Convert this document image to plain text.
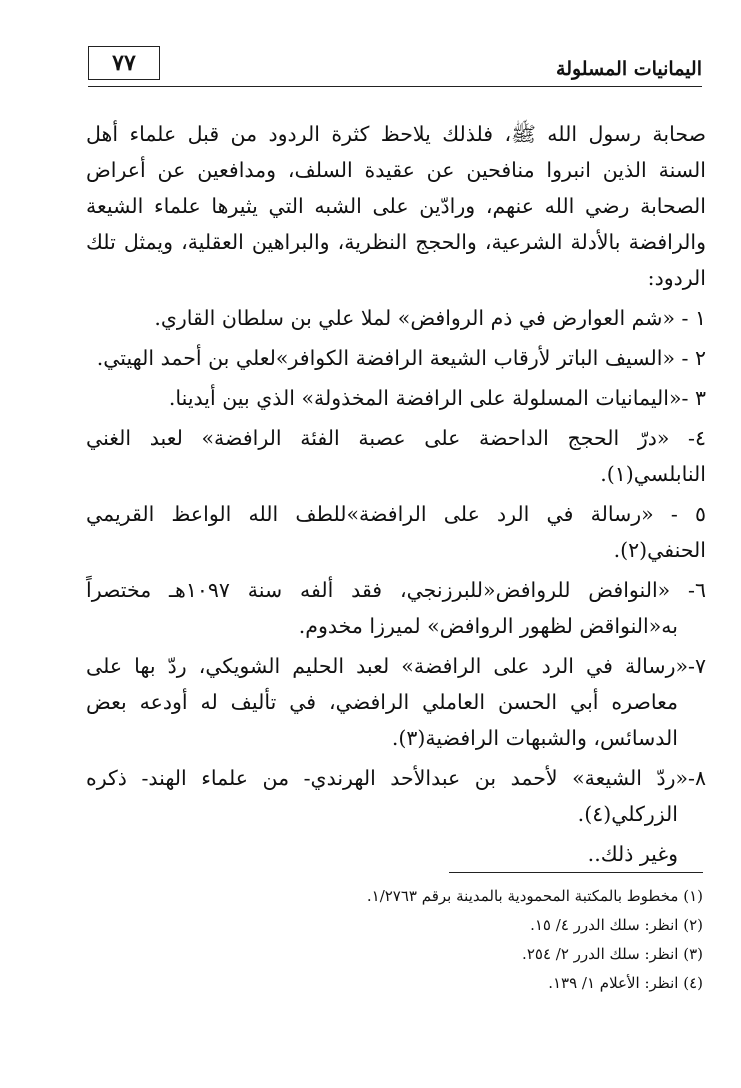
٧٧	اليمانيات المسلولة

صحابة رسول الله ﷺ، فلذلك يلاحظ كثرة الردود من قبل علماء أهل السنة الذين انبروا منافحين عن عقيدة السلف، ومدافعين عن أعراض الصحابة رضي الله عنهم، ورادّين على الشبه التي يثيرها علماء الشيعة والرافضة بالأدلة الشرعية، والحجج النظرية، والبراهين العقلية، ويمثل تلك الردود:

١ - «شم العوارض في ذم الروافض» لملا علي بن سلطان القاري.
٢ - «السيف الباتر لأرقاب الشيعة الرافضة الكوافر»لعلي بن أحمد الهيتي.
٣ -«اليمانيات المسلولة على الرافضة المخذولة» الذي بين أيدينا.
٤- «درّ الحجج الداحضة على عصبة الفئة الرافضة» لعبد الغني النابلسي(١).
٥ - «رسالة في الرد على الرافضة»للطف الله الواعظ القريمي الحنفي(٢).
٦- «النوافض للروافض«للبرزنجي، فقد ألفه سنة ١٠٩٧هـ مختصراً به«النواقض لظهور الروافض» لميرزا مخدوم.
٧-«رسالة في الرد على الرافضة» لعبد الحليم الشويكي، ردّ بها على معاصره أبي الحسن العاملي الرافضي، في تأليف له أودعه بعض الدسائس، والشبهات الرافضية(٣).
٨-«ردّ الشيعة» لأحمد بن عبدالأحد الهرندي- من علماء الهند- ذكره الزركلي(٤).

وغير ذلك..

(١) مخطوط بالمكتبة المحمودية بالمدينة برقم ١/٢٧٦٣.
(٢) انظر: سلك الدرر ٤/ ١٥.
(٣) انظر: سلك الدرر ٢/ ٢٥٤.
(٤) انظر: الأعلام ١/ ١٣٩.
